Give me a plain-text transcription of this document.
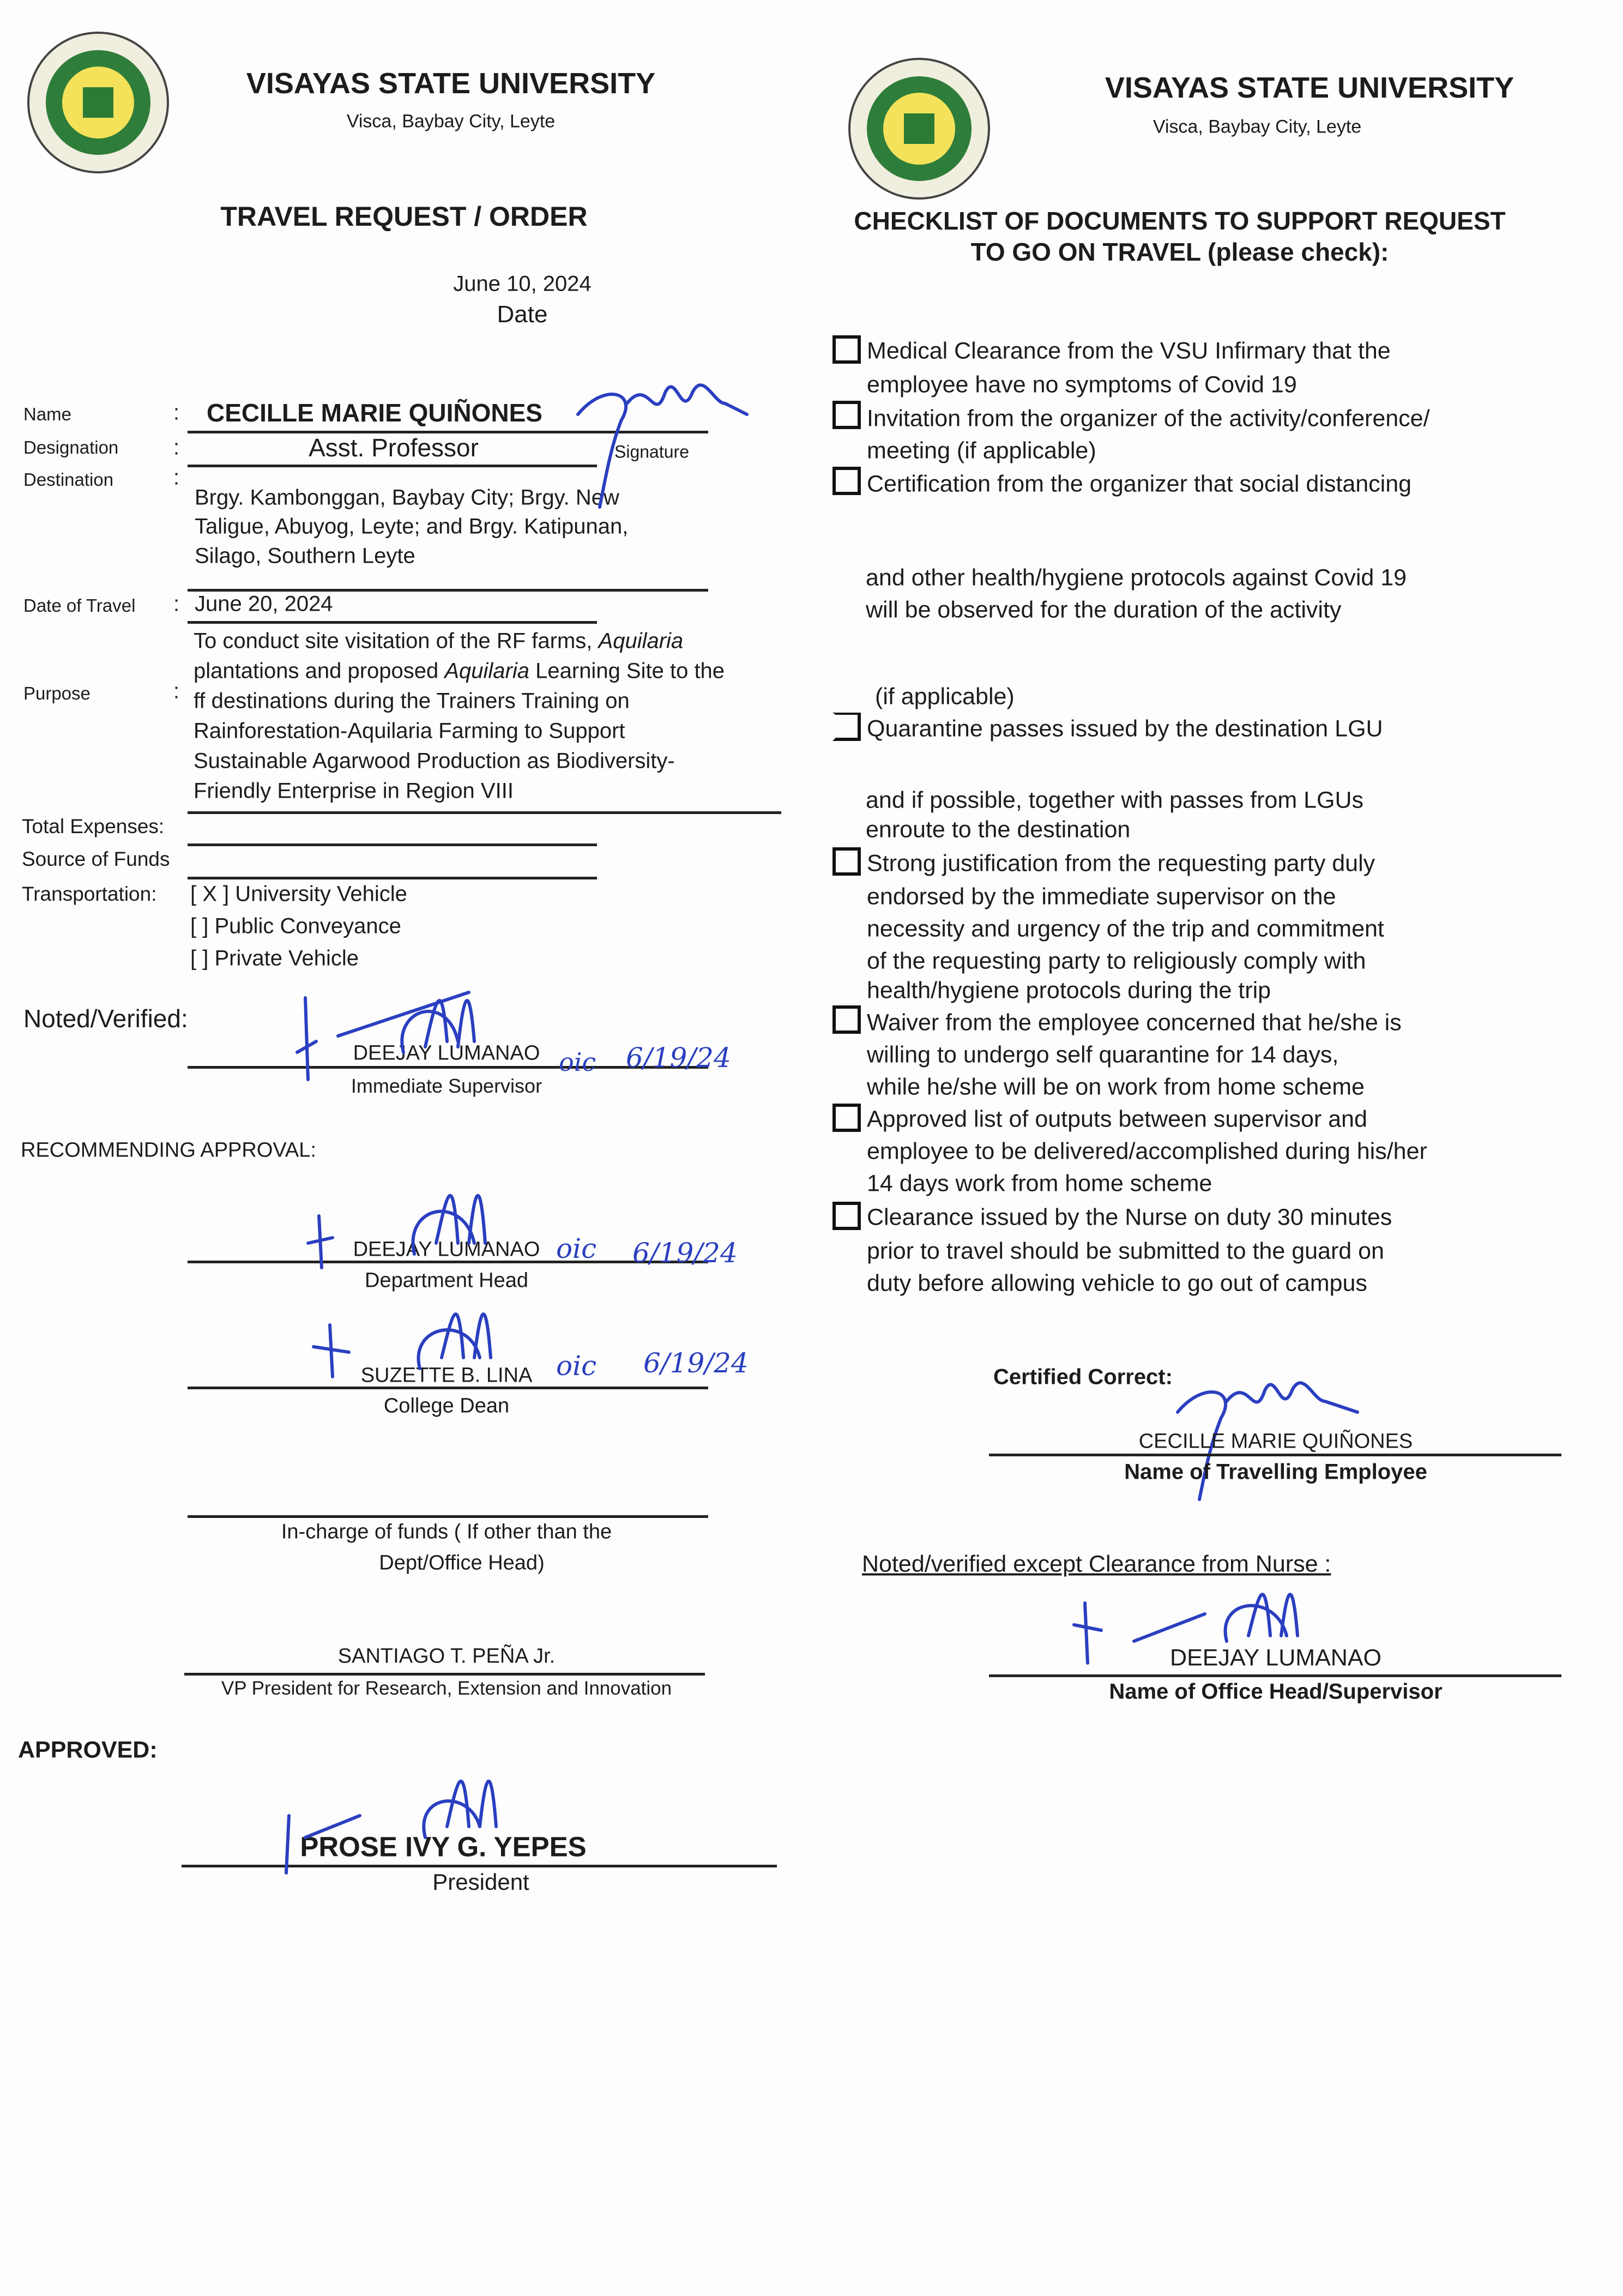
VISAYAS STATE UNIVERSITY
Visca, Baybay City, Leyte
TRAVEL REQUEST / ORDER
June 10, 2024
Date
Name	: CECILLE MARIE QUIÑONES
Signature
Designation	:	Asst. Professor
Destination	:
Brgy. Kambonggan, Baybay City; Brgy. New
Taligue, Abuyog, Leyte; and Brgy. Katipunan,
Silago, Southern Leyte
Date of Travel : June 20, 2024
Purpose	:
To conduct site visitation of the RF farms, Aquilaria
plantations and proposed Aquilaria Learning Site to the
ff destinations during the Trainers Training on
Rainforestation-Aquilaria Farming to Support
Sustainable Agarwood Production as Biodiversity-
Friendly Enterprise in Region VIII
Total Expenses:
Source of Funds
Transportation: [ X ] University Vehicle
[ ] Public Conveyance
[ ] Private Vehicle
Noted/Verified:
DEEJAY LUMANAO
Immediate Supervisor
RECOMMENDING APPROVAL:
DEEJAY LUMANAO
Department Head
SUZETTE B. LINA
College Dean
In-charge of funds ( If other than the
Dept/Office Head)
SANTIAGO T. PEÑA Jr.
VP President for Research, Extension and Innovation
APPROVED:
PROSE IVY G. YEPES
President
oic 6/19/24
oic 6/19/24
oic 6/19/24
VISAYAS STATE UNIVERSITY
Visca, Baybay City, Leyte
CHECKLIST OF DOCUMENTS TO SUPPORT REQUEST
TO GO ON TRAVEL (please check):
Medical Clearance from the VSU Infirmary that the
employee have no symptoms of Covid 19
Invitation from the organizer of the activity/conference/
meeting (if applicable)
Certification from the organizer that social distancing
Quarantine passes issued by the destination LGU
Strong justification from the requesting party duly
endorsed by the immediate supervisor on the
necessity and urgency of the trip and commitment
of the requesting party to religiously comply with
health/hygiene protocols during the trip
Waiver from the employee concerned that he/she is
willing to undergo self quarantine for 14 days,
while he/she will be on work from home scheme
Approved list of outputs between supervisor and
employee to be delivered/accomplished during his/her
14 days work from home scheme
Clearance issued by the Nurse on duty 30 minutes
prior to travel should be submitted to the guard on
duty before allowing vehicle to go out of campus
and other health/hygiene protocols against Covid 19
will be observed for the duration of the activity
(if applicable)
and if possible, together with passes from LGUs
enroute to the destination
Certified Correct:
CECILLE MARIE QUIÑONES
Name of Travelling Employee
Noted/verified except Clearance from Nurse :
DEEJAY LUMANAO
Name of Office Head/Supervisor
